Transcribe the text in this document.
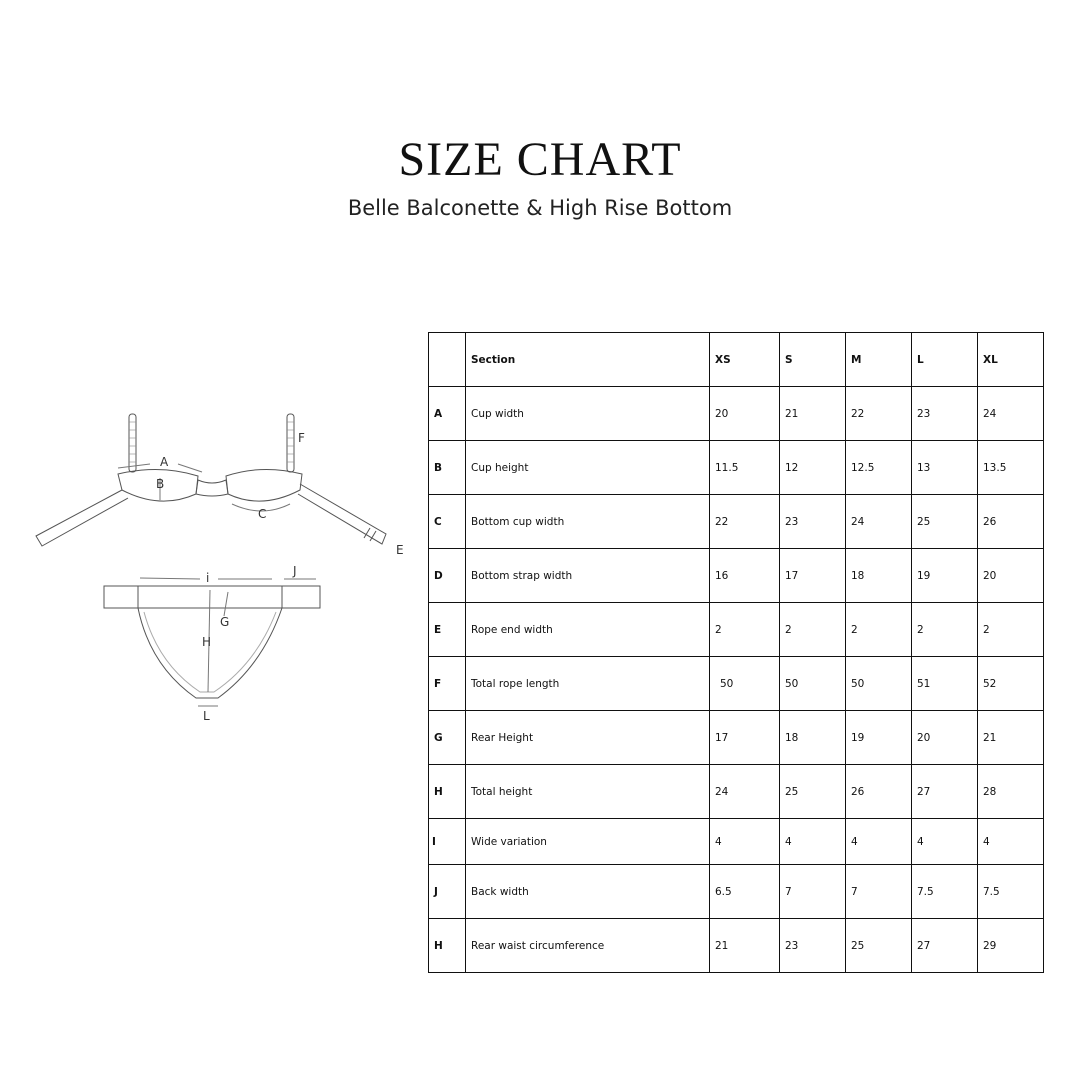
SIZE CHART
Belle Balconette & High Rise Bottom
A
B
C
E
F
G
H
i	J
L
	Section	XS	S	M	L	XL
A	Cup width	20	21	22	23	24
B	Cup height	11.5	12	12.5	13	13.5
C	Bottom cup width	22	23	24	25	26
D	Bottom strap width	16	17	18	19	20
E	Rope end width	2	2	2	2	2
F	Total rope length	50	50	50	51	52
G	Rear Height	17	18	19	20	21
H	Total height	24	25	26	27	28
I	Wide variation	4	4	4	4	4
J	Back width	6.5	7	7	7.5	7.5
H	Rear waist circumference	21	23	25	27	29
